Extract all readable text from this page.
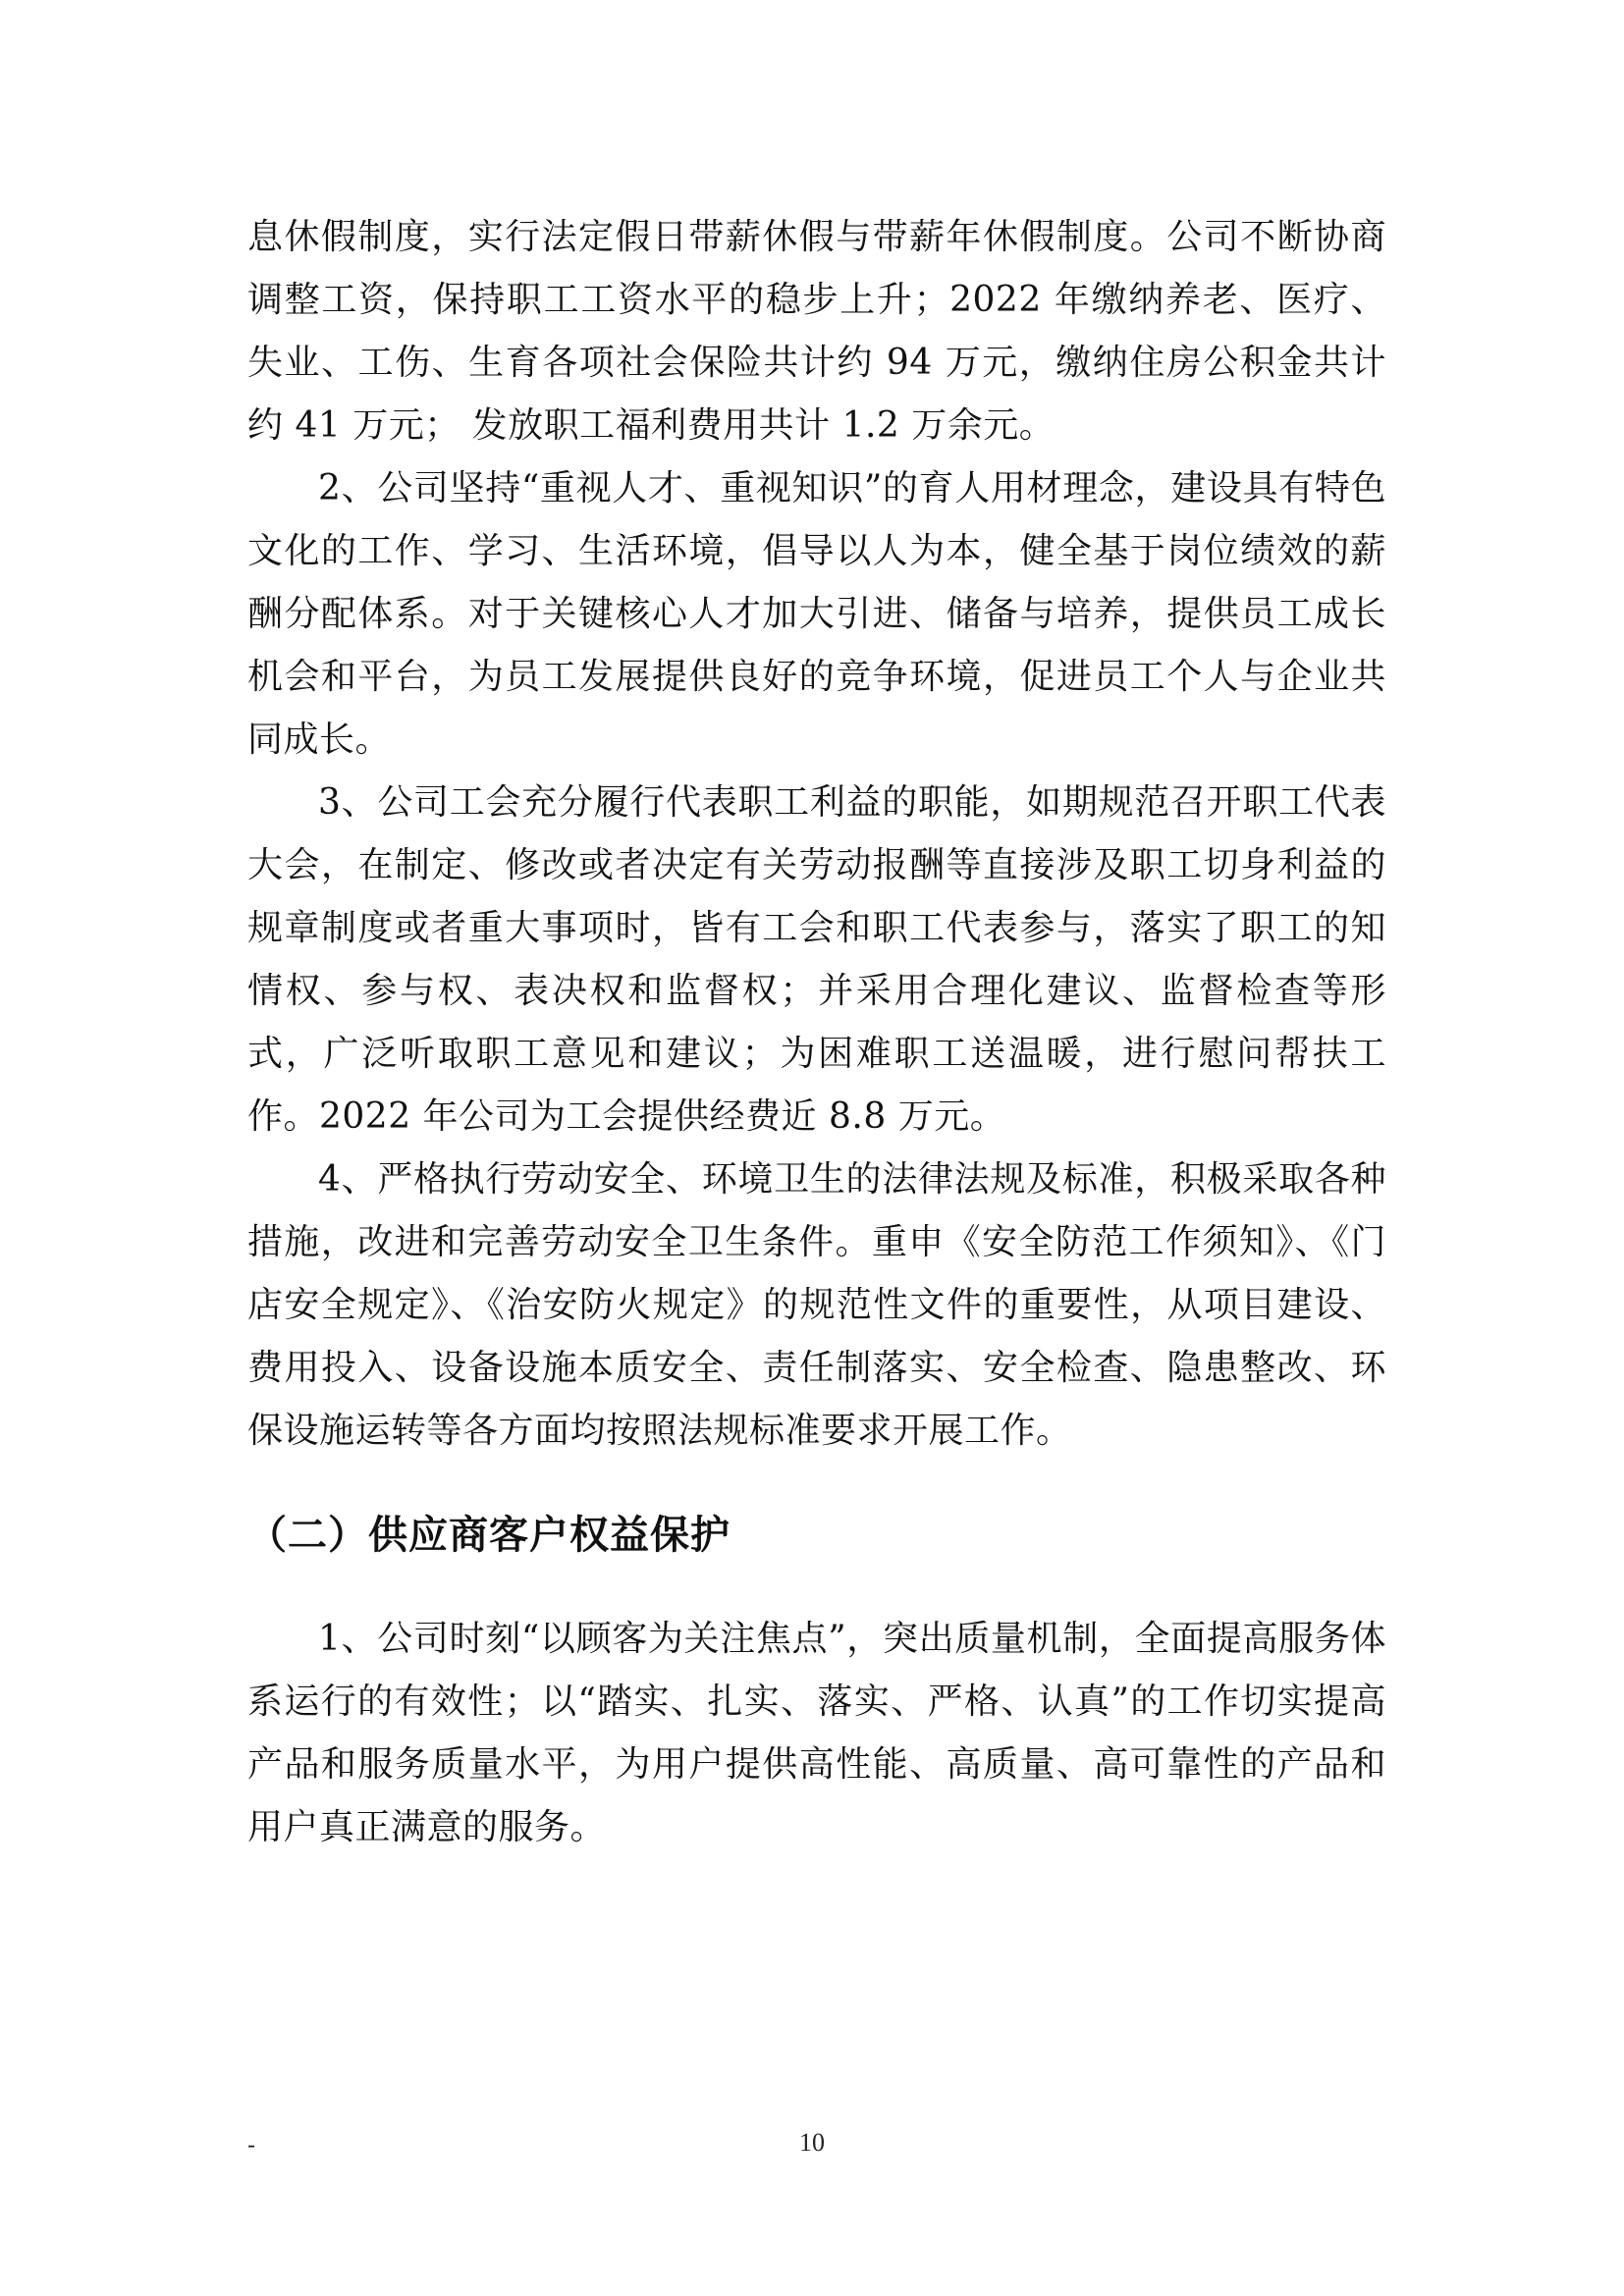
息休假制度，实行法定假日带薪休假与带薪年休假制度。公司不断协商调整工资，保持职工工资水平的稳步上升；2022 年缴纳养老、医疗、失业、工伤、生育各项社会保险共计约 94 万元，缴纳住房公积金共计约 41 万元； 发放职工福利费用共计 1.2 万余元。

2、公司坚持“重视人才、重视知识”的育人用材理念，建设具有特色文化的工作、学习、生活环境，倡导以人为本，健全基于岗位绩效的薪酬分配体系。对于关键核心人才加大引进、储备与培养，提供员工成长机会和平台，为员工发展提供良好的竞争环境，促进员工个人与企业共同成长。

3、公司工会充分履行代表职工利益的职能，如期规范召开职工代表大会，在制定、修改或者决定有关劳动报酬等直接涉及职工切身利益的规章制度或者重大事项时，皆有工会和职工代表参与，落实了职工的知情权、参与权、表决权和监督权；并采用合理化建议、监督检查等形式，广泛听取职工意见和建议；为困难职工送温暖，进行慰问帮扶工作。2022 年公司为工会提供经费近 8.8 万元。

4、严格执行劳动安全、环境卫生的法律法规及标准，积极采取各种措施，改进和完善劳动安全卫生条件。重申《安全防范工作须知》、《门店安全规定》、《治安防火规定》的规范性文件的重要性，从项目建设、费用投入、设备设施本质安全、责任制落实、安全检查、隐患整改、环保设施运转等各方面均按照法规标准要求开展工作。

（二）供应商客户权益保护

1、公司时刻“以顾客为关注焦点”，突出质量机制，全面提高服务体系运行的有效性；以“踏实、扎实、落实、严格、认真”的工作切实提高产品和服务质量水平，为用户提供高性能、高质量、高可靠性的产品和用户真正满意的服务。

-	10
